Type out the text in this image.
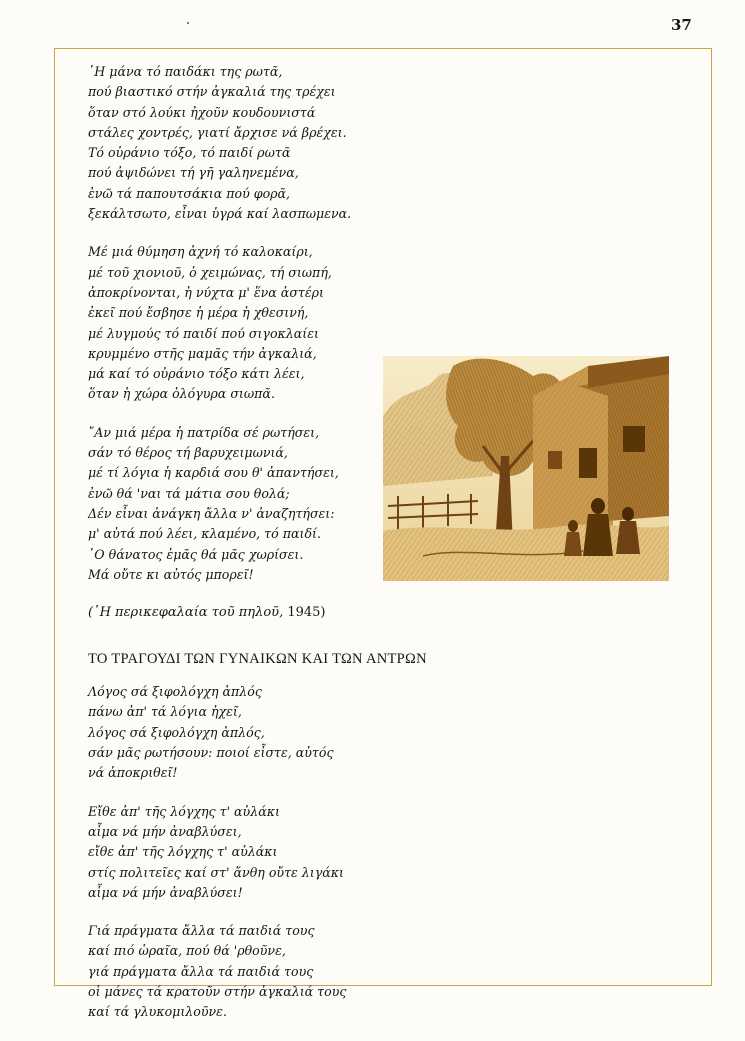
37
῾Η μάνα τό παιδάκι της ρωτᾶ,
πού βιαστικό στήν ἀγκαλιά της τρέχει
ὅταν στό λούκι ἠχοῦν κουδουνιστά
στάλες χοντρές, γιατί ἄρχισε νά βρέχει.
Τό οὐράνιο τόξο, τό παιδί ρωτᾶ
πού ἀψιδώνει τή γῆ γαληνεμένα,
ἐνῶ τά παπουτσάκια πού φορᾶ,
ξεκάλτσωτο, εἶναι ὑγρά καί λασπωμενα.
Μέ μιά θύμηση ἀχνή τό καλοκαίρι,
μέ τοῦ χιονιοῦ, ὁ χειμώνας, τή σιωπή,
ἀποκρίνονται, ἡ νύχτα μ' ἕνα ἀστέρι
ἐκεῖ πού ἔσβησε ἡ μέρα ἡ χθεσινή,
μέ λυγμούς τό παιδί πού σιγοκλαίει
κρυμμένο στῆς μαμᾶς τήν ἀγκαλιά,
μά καί τό οὐράνιο τόξο κάτι λέει,
ὅταν ἡ χώρα ὁλόγυρα σιωπᾶ.
῎Αν μιά μέρα ἡ πατρίδα σέ ρωτήσει,
σάν τό θέρος τή βαρυχειμωνιά,
μέ τί λόγια ἡ καρδιά σου θ' ἀπαντήσει,
ἐνῶ θά 'ναι τά μάτια σου θολά;
Δέν εἶναι ἀνάγκη ἄλλα ν' ἀναζητήσει:
μ' αὐτά πού λέει, κλαμένο, τό παιδί.
῾Ο θάνατος ἐμᾶς θά μᾶς χωρίσει.
Μά οὔτε κι αὐτός μπορεῖ!
(῾Η περικεφαλαία τοῦ πηλοῦ, 1945)
ΤΟ ΤΡΑΓΟΥΔΙ ΤΩΝ ΓΥΝΑΙΚΩΝ ΚΑΙ ΤΩΝ ΑΝΤΡΩΝ
Λόγος σά ξιφολόγχη ἁπλός
πάνω ἀπ' τά λόγια ἠχεῖ,
λόγος σά ξιφολόγχη ἁπλός,
σάν μᾶς ρωτήσουν: ποιοί εἶστε, αὐτός
νά ἀποκριθεῖ!
Εἴθε ἀπ' τῆς λόγχης τ' αὐλάκι
αἷμα νά μήν ἀναβλύσει,
εἴθε ἀπ' τῆς λόγχης τ' αὐλάκι
στίς πολιτεῖες καί στ' ἄνθη οὔτε λιγάκι
αἷμα νά μήν ἀναβλύσει!
Γιά πράγματα ἄλλα τά παιδιά τους
καί πιό ὡραῖα, πού θά 'ρθοῦνε,
γιά πράγματα ἄλλα τά παιδιά τους
οἱ μάνες τά κρατοῦν στήν ἀγκαλιά τους
καί τά γλυκομιλοῦνε.
